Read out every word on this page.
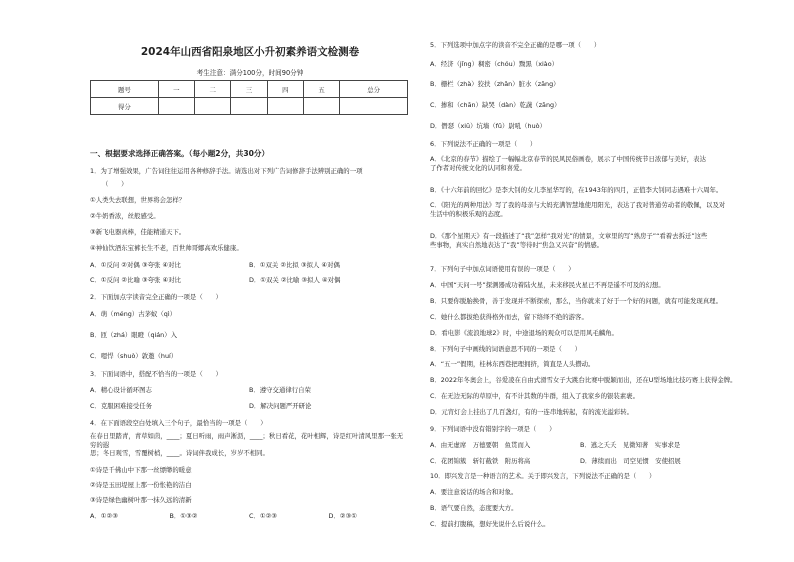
2024年山西省阳泉地区小升初素养语文检测卷
考生注意：满分100分，时间90分钟
题号	一	二	三	四	五	总分
得分						
一、根据要求选择正确答案。（每小题2分，共30分）
1．为了增强效果，广告词往往运用各种修辞手法。请选出对下列广告词修辞手法辨别正确的一项
（　　）
①人类失去联想，世界将会怎样？
②牛奶香浓，丝般感受。
③新飞电器真棒，佳能精通天下。
④神仙饮酒东宝裤长生不老，百世帅哥娜高欢乐健康。
A．①反问 ②对偶 ③夸张 ④对比	B．①双关 ②比拟 ③拟人 ④对偶
C．①反问 ②比喻 ③夸张 ④对比	D．①双关 ②比喻 ③拟人 ④对偶
2．下面加点字读音完全正确的一项是（　　）
A．萌（méng）古茅蚁（qì）
B．匝（zhá）眼瞪（qián）入
C．嗯悍（shuò）敦邀（huí）
3．下面词语中，搭配不恰当的一项是（　　）
A．精心设计循环图志	B．遵守交通律行自荣
C．克服困难接受任务	D．解决问题严开研论
4．在下面语段空白处填入三个句子，最恰当的一项是（　　）
在春日里踏青，青草如茵，____；夏日听雨，雨声淅沥，____；秋日看花，花叶相辉，诗是红叶清风里那一张无穷的遐
思；冬日观雪，雪覆树梢，____。诗词伴我成长，岁岁不相同。
①诗是千佛山中下那一丝缥缈的暖意
②诗是玉田堤屋上那一份怅艳的洁白
③诗是绿色幽树叶那一抹久远的清新
A．①②③	B．①③②	C．①②③	D．②③①
5．下列选项中加点字的读音不完全正确的是哪一项（　　）
A．经济（jǐng）稠密（chóu）黝黑（xiào）
B．栅栏（zhà）狡扶（zhǎn）脏水（zāng）
C．掺和（chān）缺哭（dàn）乾蔬（zāng）
D．僭瑟（xiū）坑墙（fǔ）尉吼（huò）
6．下列说法不正确的一项是（　　）
A．《北京的春节》描绘了一幅幅北京春节的民风民俗画卷，展示了中国传统节日浓郁与美好，表达
了作者对传统文化的认同和喜爱。
B．《十六年前的回忆》是李大钊的女儿李星华写的，在1943年的四月，正值李大钊同志遇难十六周年。
C．《阳光的两种用法》写了我的母亲与大妈充满智慧地使用阳光，表达了我对普通劳动者的敬佩，以及对
生活中的积极乐观的态度。
D．《那个星期天》有一段描述了“我”怎样“我对光”的情景，文章里的写“熟房子”“看着去拆迁”这些
些事物，真实自然地表达了“我”等待时“焦急又兴奋”的情感。
7．下列句子中加点词语使用有误的一项是（　　）
A．中国“天问一号”探测器成功着陆火星，未来移民火星已不再是遥不可及的幻想。
B．只要你脱胎换骨，善于发现并不断探索，那么，当你就来了好于一个好的问题，就有可能发现真理。
C．她什么都拔绝获得格外而去，留下络绎不绝的游客。
D．看电影《流浪地球2》时，中途退场的观众可以是用风毛麟角。
8．下列句子中画线的词语意思不同的一项是（　　）
A．“五一”假期，桂林东西巷把理拥挤，简直是人头攒动。
B．2022年冬奥会上，谷爱凌在自由式滑雪女子大跳台比赛中脱颖而出，还在U型场地比技巧赛上获得金牌。
C．在无边无际的草原中，有不计其数的牛群，组入了我家乡的银装素裹。
D．元宵灯会上挂出了几百盏灯，有的一连串地转起，有的流光溢彩转。
9．下列词语中没有错别字的一项是（　　）
A．由无虚席　万德要朝　鱼贯而入	B．逃之夭夭　见微知著　实事求是
C．花团锦簇　斩钉截铁　附历将高	D．薄续而出　司空见惯　安使招展
10．即兴发言是一种语言的艺术。关于即兴发言，下列说法不正确的是（　　）
A．要注意说话的场合和对象。
B．语气要自然，态度要大方。
C．提前打腹稿，想好先说什么后说什么。
